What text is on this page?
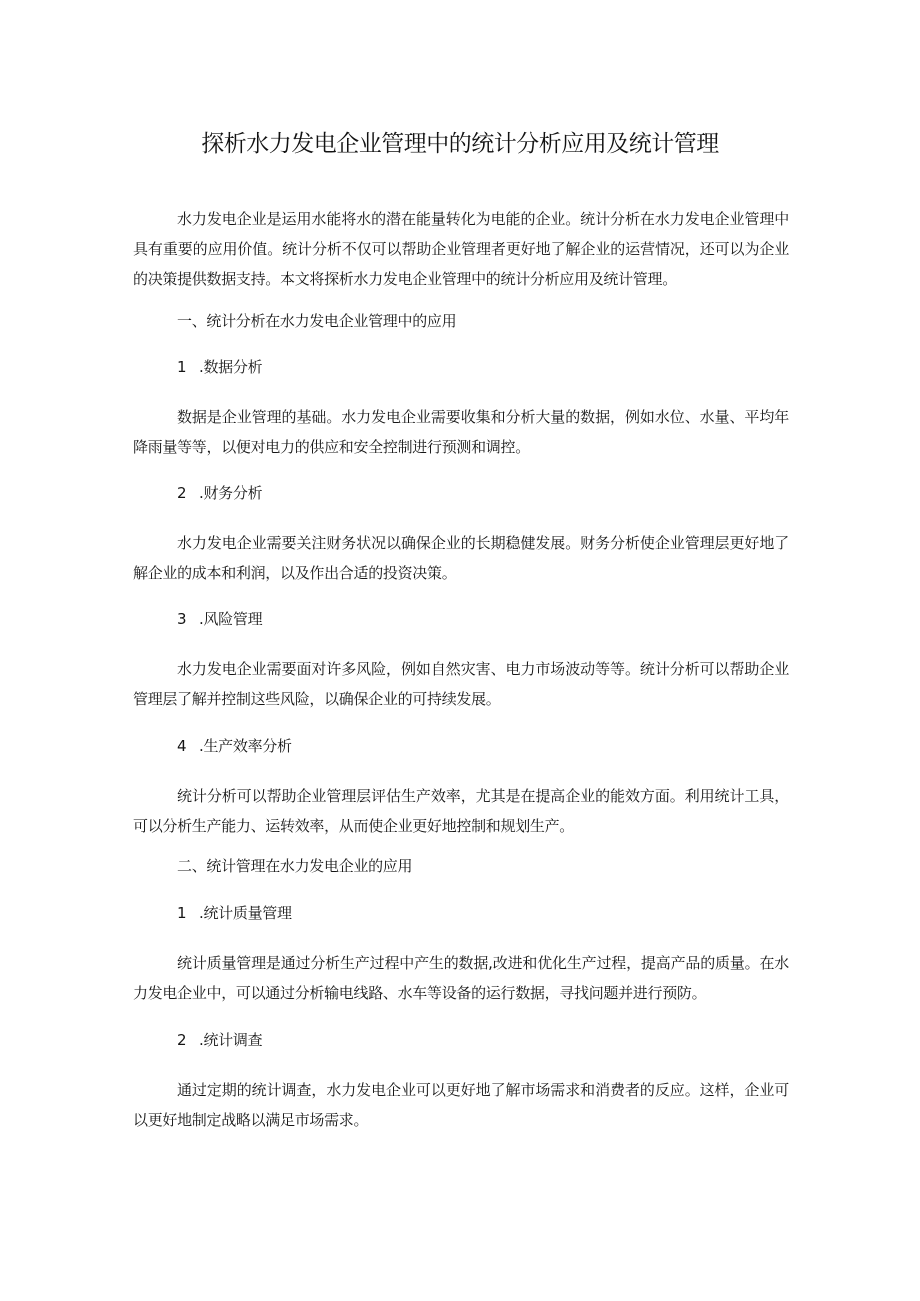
探析水力发电企业管理中的统计分析应用及统计管理
水力发电企业是运用水能将水的潜在能量转化为电能的企业。统计分析在水力发电企业管理中具有重要的应用价值。统计分析不仅可以帮助企业管理者更好地了解企业的运营情况，还可以为企业的决策提供数据支持。本文将探析水力发电企业管理中的统计分析应用及统计管理。
一、统计分析在水力发电企业管理中的应用
1 .数据分析
数据是企业管理的基础。水力发电企业需要收集和分析大量的数据，例如水位、水量、平均年降雨量等等，以便对电力的供应和安全控制进行预测和调控。
2 .财务分析
水力发电企业需要关注财务状况以确保企业的长期稳健发展。财务分析使企业管理层更好地了解企业的成本和利润，以及作出合适的投资决策。
3 .风险管理
水力发电企业需要面对许多风险，例如自然灾害、电力市场波动等等。统计分析可以帮助企业管理层了解并控制这些风险，以确保企业的可持续发展。
4 .生产效率分析
统计分析可以帮助企业管理层评估生产效率，尤其是在提高企业的能效方面。利用统计工具，可以分析生产能力、运转效率，从而使企业更好地控制和规划生产。
二、统计管理在水力发电企业的应用
1 .统计质量管理
统计质量管理是通过分析生产过程中产生的数据,改进和优化生产过程，提高产品的质量。在水力发电企业中，可以通过分析输电线路、水车等设备的运行数据，寻找问题并进行预防。
2 .统计调查
通过定期的统计调查，水力发电企业可以更好地了解市场需求和消费者的反应。这样，企业可以更好地制定战略以满足市场需求。
